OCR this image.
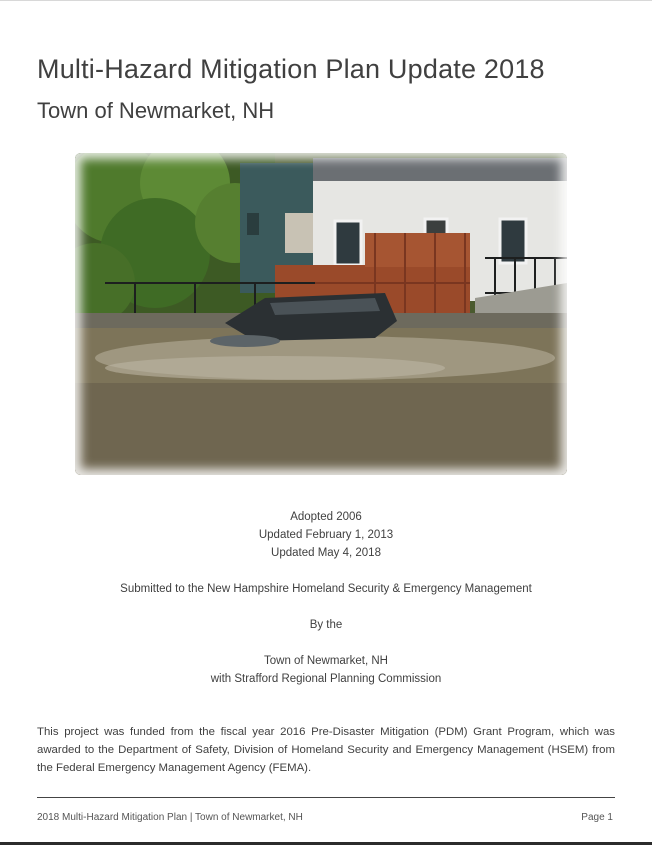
Multi-Hazard Mitigation Plan Update 2018
Town of Newmarket, NH
Adopted 2006
Updated February 1, 2013
Updated May 4, 2018
Submitted to the New Hampshire Homeland Security & Emergency Management
By the
Town of Newmarket, NH
with Strafford Regional Planning Commission
This project was funded from the fiscal year 2016 Pre-Disaster Mitigation (PDM) Grant Program, which was awarded to the Department of Safety, Division of Homeland Security and Emergency Management (HSEM) from the Federal Emergency Management Agency (FEMA).
2018 Multi-Hazard Mitigation Plan | Town of Newmarket, NH	Page 1
